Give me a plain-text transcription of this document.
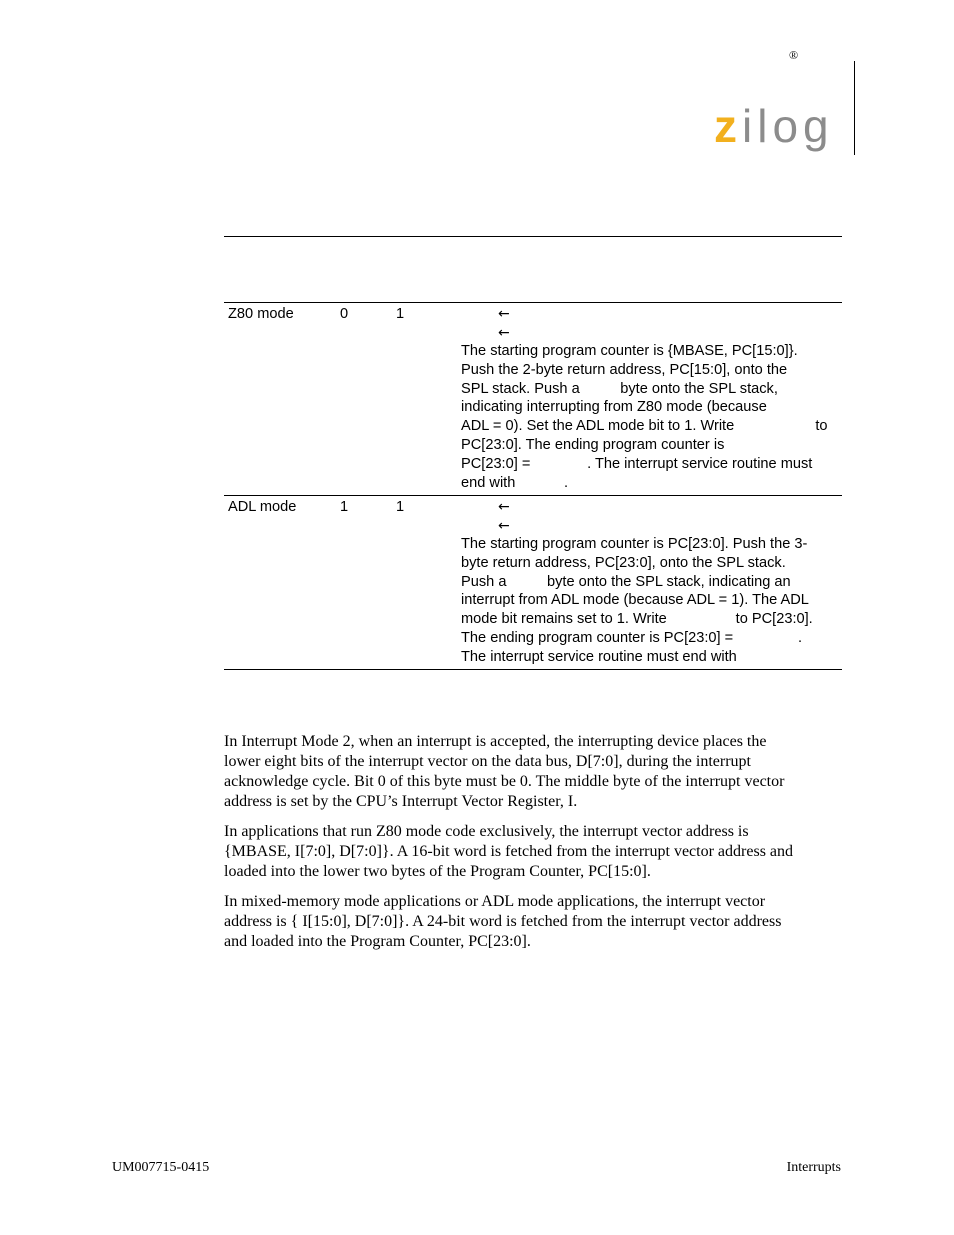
®
z ilog
Z80 mode	0	1	←
←
The starting program counter is {MBASE, PC[15:0]}.
Push the 2-byte return address, PC[15:0], onto the
SPL stack. Push a          byte onto the SPL stack,
indicating interrupting from Z80 mode (because
ADL = 0). Set the ADL mode bit to 1. Write                    to
PC[23:0]. The ending program counter is
PC[23:0] =              . The interrupt service routine must
end with            .
ADL mode	1	1	←
←
The starting program counter is PC[23:0]. Push the 3-
byte return address, PC[23:0], onto the SPL stack.
Push a          byte onto the SPL stack, indicating an
interrupt from ADL mode (because ADL = 1). The ADL
mode bit remains set to 1. Write                 to PC[23:0].
The ending program counter is PC[23:0] =                .
The interrupt service routine must end with
In Interrupt Mode 2, when an interrupt is accepted, the interrupting device places the
lower eight bits of the interrupt vector on the data bus, D[7:0], during the interrupt
acknowledge cycle. Bit 0 of this byte must be 0. The middle byte of the interrupt vector
address is set by the CPU’s Interrupt Vector Register, I.
In applications that run Z80 mode code exclusively, the interrupt vector address is
{MBASE, I[7:0], D[7:0]}. A 16-bit word is fetched from the interrupt vector address and
loaded into the lower two bytes of the Program Counter, PC[15:0].
In mixed-memory mode applications or ADL mode applications, the interrupt vector
address is { I[15:0], D[7:0]}. A 24-bit word is fetched from the interrupt vector address
and loaded into the Program Counter, PC[23:0].
UM007715-0415	Interrupts
